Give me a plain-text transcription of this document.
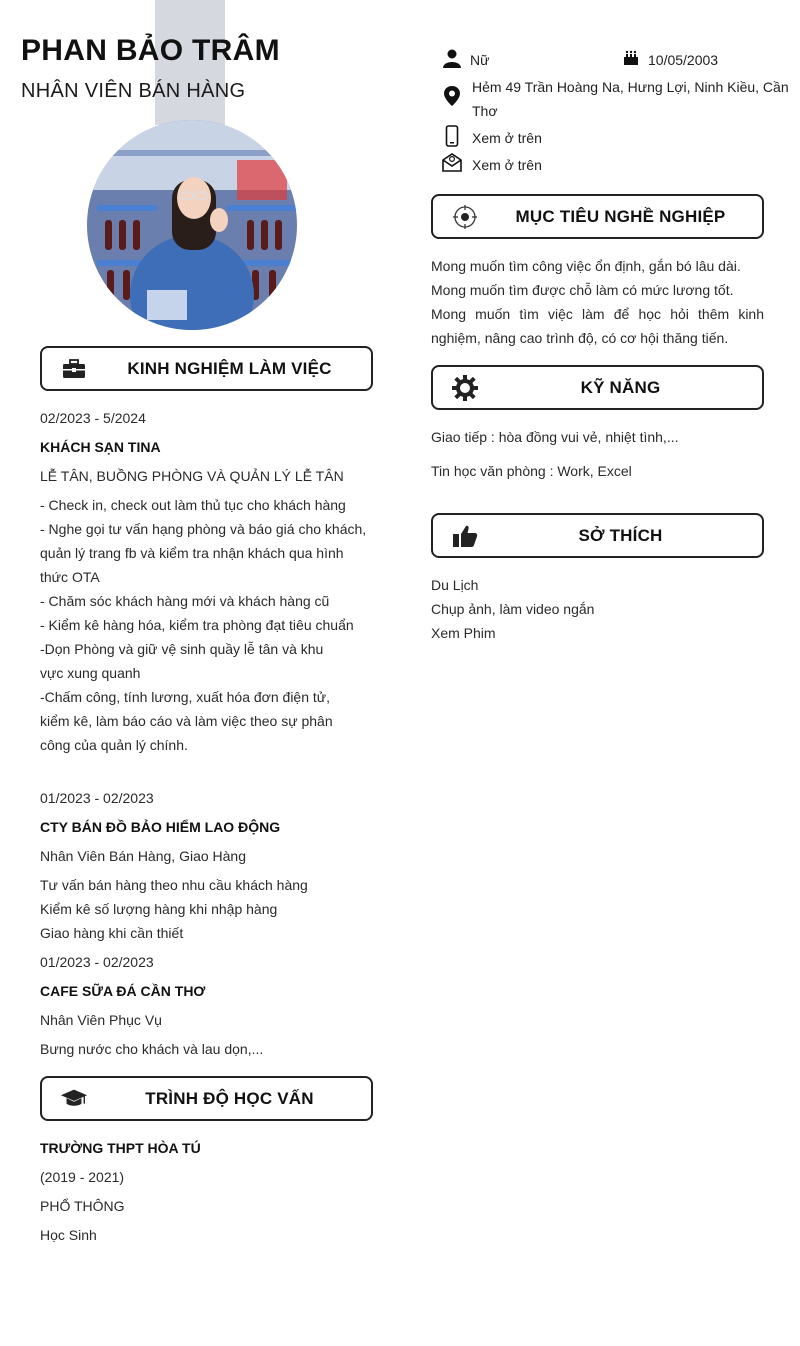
PHAN BẢO TRÂM
NHÂN VIÊN BÁN HÀNG
Nữ	10/05/2003
Hẻm 49 Trần Hoàng Na, Hưng Lợi, Ninh Kiều, Cần
Thơ
Xem ở trên
Xem ở trên
MỤC TIÊU NGHỀ NGHIỆP
Mong muốn tìm công việc ổn định, gắn bó lâu dài.
Mong muốn tìm được chỗ làm có mức lương tốt.
Mong muốn tìm việc làm để học hỏi thêm kinh nghiệm, nâng cao trình độ, có cơ hội thăng tiến.
KỸ NĂNG
Giao tiếp : hòa đồng vui vẻ, nhiệt tình,...
Tin học văn phòng : Work, Excel
SỞ THÍCH
Du Lịch
Chụp ảnh, làm video ngắn
Xem Phim
KINH NGHIỆM LÀM VIỆC
02/2023 - 5/2024
KHÁCH SẠN TINA
LỄ TÂN, BUỒNG PHÒNG VÀ QUẢN LÝ LỄ TÂN
- Check in, check out làm thủ tục cho khách hàng
- Nghe gọi tư vấn hạng phòng và báo giá cho khách, quản lý trang fb và kiểm tra nhận khách qua hình thức OTA
- Chăm sóc khách hàng mới và khách hàng cũ
- Kiểm kê hàng hóa, kiểm tra phòng đạt tiêu chuẩn
-Dọn Phòng và giữ vệ sinh quầy lễ tân và khu vực xung quanh
-Chấm công, tính lương, xuất hóa đơn điện tử, kiểm kê, làm báo cáo và làm việc theo sự phân công của quản lý chính.
01/2023 - 02/2023
CTY BÁN ĐỒ BẢO HIỂM LAO ĐỘNG
Nhân Viên Bán Hàng, Giao Hàng
Tư vấn bán hàng theo nhu cầu khách hàng
Kiểm kê số lượng hàng khi nhập hàng
Giao hàng khi cần thiết
01/2023 - 02/2023
CAFE SỮA ĐÁ CẦN THƠ
Nhân Viên Phục Vụ
Bưng nước cho khách và lau dọn,...
TRÌNH ĐỘ HỌC VẤN
TRƯỜNG THPT HÒA TÚ
(2019 - 2021)
PHỔ THÔNG
Học Sinh
